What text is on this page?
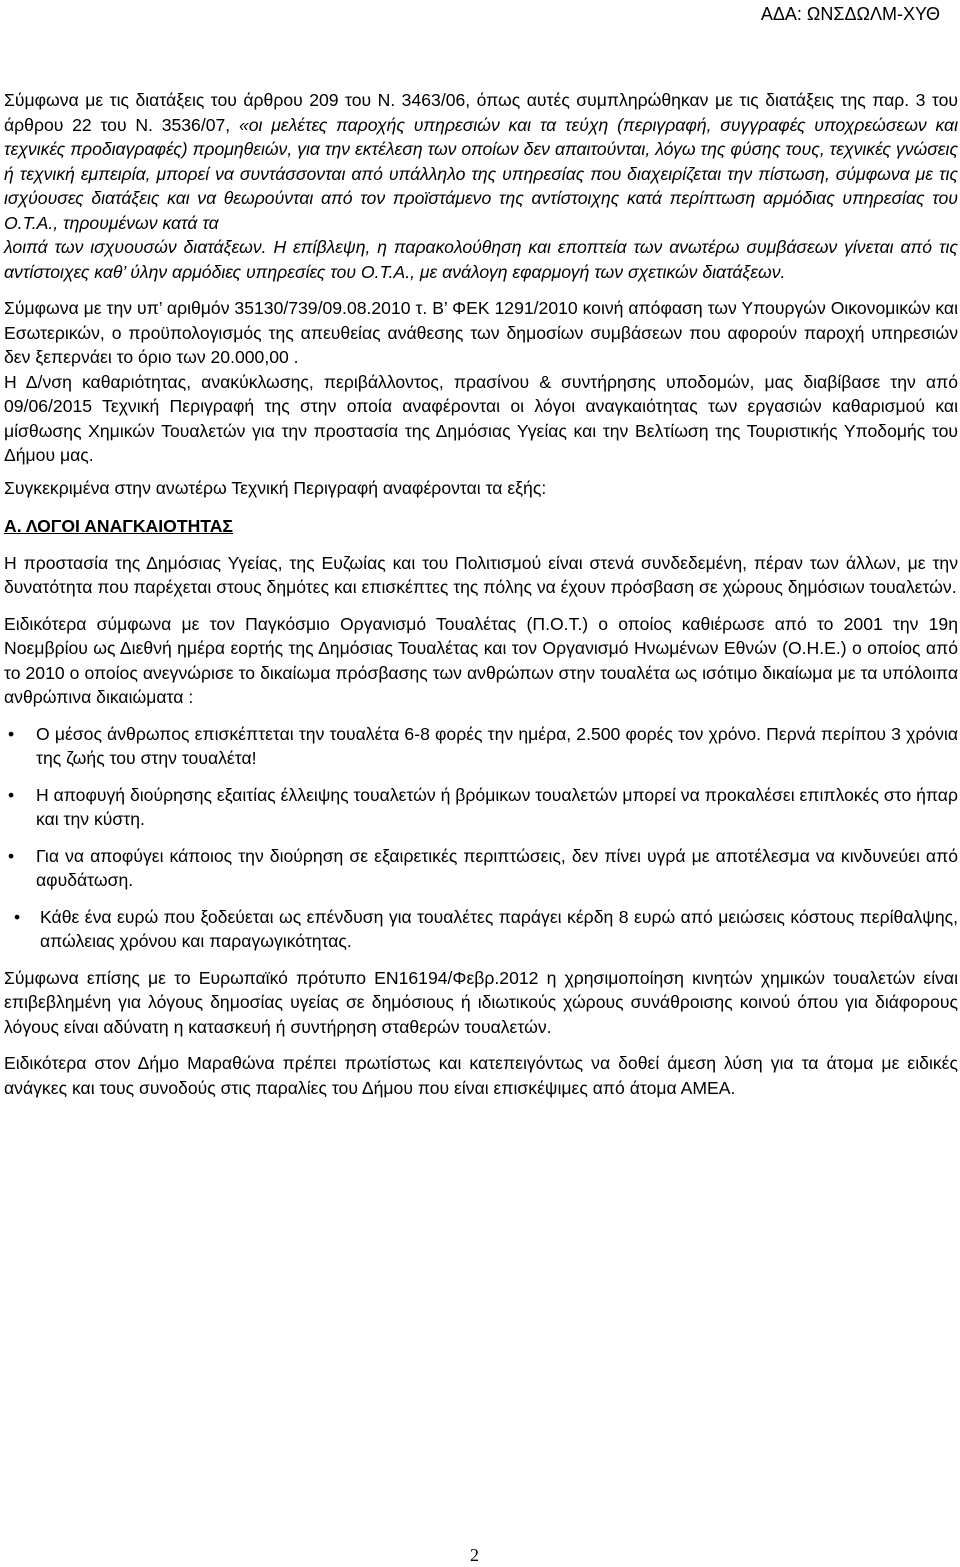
ΑΔΑ: ΩΝΣΔΩΛΜ-ΧΥΘ

Σύμφωνα με τις διατάξεις του άρθρου 209 του Ν. 3463/06, όπως αυτές συμπληρώθηκαν με τις διατάξεις της παρ. 3 του άρθρου 22 του Ν. 3536/07, «οι μελέτες παροχής υπηρεσιών και τα τεύχη (περιγραφή, συγγραφές υποχρεώσεων και τεχνικές προδιαγραφές) προμηθειών, για την εκτέλεση των οποίων δεν απαιτούνται, λόγω της φύσης τους, τεχνικές γνώσεις ή τεχνική εμπειρία, μπορεί να συντάσσονται από υπάλληλο της υπηρεσίας που διαχειρίζεται την πίστωση, σύμφωνα με τις ισχύουσες διατάξεις και να θεωρούνται από τον προϊστάμενο της αντίστοιχης κατά περίπτωση αρμόδιας υπηρεσίας του Ο.Τ.Α., τηρουμένων κατά τα

λοιπά των ισχυουσών διατάξεων. Η επίβλεψη, η παρακολούθηση και εποπτεία των ανωτέρω συμβάσεων γίνεται από τις αντίστοιχες καθ’ ύλην αρμόδιες υπηρεσίες του Ο.Τ.Α., με ανάλογη εφαρμογή των σχετικών διατάξεων.

Σύμφωνα με την υπ’ αριθμόν 35130/739/09.08.2010 τ. Β’ ΦΕΚ 1291/2010 κοινή απόφαση των Υπουργών Οικονομικών και Εσωτερικών, ο προϋπολογισμός της απευθείας ανάθεσης των δημοσίων συμβάσεων που αφορούν παροχή υπηρεσιών δεν ξεπερνάει το όριο των 20.000,00 .

Η Δ/νση καθαριότητας, ανακύκλωσης, περιβάλλοντος, πρασίνου & συντήρησης υποδομών, μας διαβίβασε την από 09/06/2015 Τεχνική Περιγραφή της στην οποία αναφέρονται οι λόγοι αναγκαιότητας των εργασιών καθαρισμού και μίσθωσης Χημικών Τουαλετών για την προστασία της Δημόσιας Υγείας και την Βελτίωση της Τουριστικής Υποδομής του Δήμου μας.

Συγκεκριμένα στην ανωτέρω Τεχνική Περιγραφή αναφέρονται τα εξής:

Α. ΛΟΓΟΙ ΑΝΑΓΚΑΙΟΤΗΤΑΣ

Η προστασία της Δημόσιας Υγείας, της Ευζωίας και του Πολιτισμού είναι στενά συνδεδεμένη, πέραν των άλλων, με την δυνατότητα που παρέχεται στους δημότες και επισκέπτες της πόλης να έχουν πρόσβαση σε χώρους δημόσιων τουαλετών.

Ειδικότερα σύμφωνα με τον Παγκόσμιο Οργανισμό Τουαλέτας (Π.Ο.Τ.) ο οποίος καθιέρωσε από το 2001 την 19η Νοεμβρίου ως Διεθνή ημέρα εορτής της Δημόσιας Τουαλέτας και τον Οργανισμό Ηνωμένων Εθνών (Ο.Η.Ε.) ο οποίος από το 2010 ο οποίος ανεγνώρισε το δικαίωμα πρόσβασης των ανθρώπων στην τουαλέτα ως ισότιμο δικαίωμα με τα υπόλοιπα ανθρώπινα δικαιώματα :

•	Ο μέσος άνθρωπος επισκέπτεται την τουαλέτα 6-8 φορές την ημέρα, 2.500 φορές τον χρόνο. Περνά περίπου 3 χρόνια της ζωής του στην τουαλέτα!
•	Η αποφυγή διούρησης εξαιτίας έλλειψης τουαλετών ή βρόμικων τουαλετών μπορεί να προκαλέσει επιπλοκές στο ήπαρ και την κύστη.
•	Για να αποφύγει κάποιος την διούρηση σε εξαιρετικές περιπτώσεις, δεν πίνει υγρά με αποτέλεσμα να κινδυνεύει από αφυδάτωση.
•	Κάθε ένα ευρώ που ξοδεύεται ως επένδυση για τουαλέτες παράγει κέρδη 8 ευρώ από μειώσεις κόστους περίθαλψης, απώλειας χρόνου και παραγωγικότητας.

Σύμφωνα επίσης με το Ευρωπαϊκό πρότυπο ΕΝ16194/Φεβρ.2012 η χρησιμοποίηση κινητών χημικών τουαλετών είναι επιβεβλημένη για λόγους δημοσίας υγείας σε δημόσιους ή ιδιωτικούς χώρους συνάθροισης κοινού όπου για διάφορους λόγους είναι αδύνατη η κατασκευή ή συντήρηση σταθερών τουαλετών.

Ειδικότερα στον Δήμο Μαραθώνα πρέπει πρωτίστως και κατεπειγόντως να δοθεί άμεση λύση για τα άτομα με ειδικές ανάγκες και τους συνοδούς στις παραλίες του Δήμου που είναι επισκέψιμες από άτομα ΑΜΕΑ.

2
